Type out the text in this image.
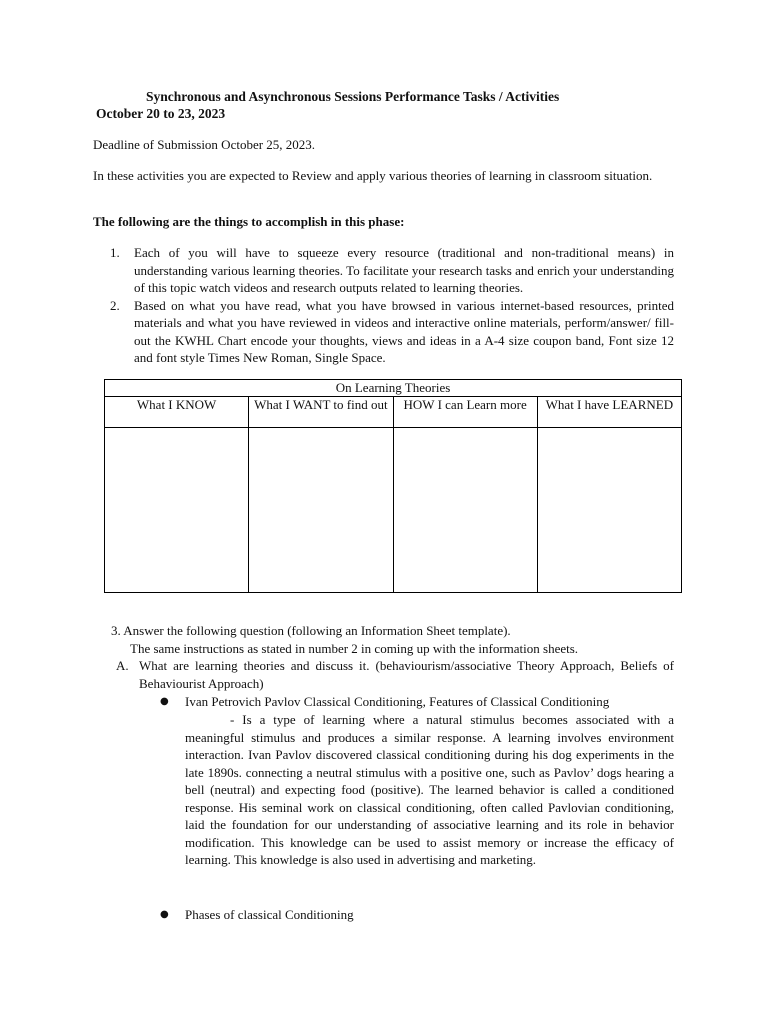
Synchronous and Asynchronous Sessions Performance Tasks / Activities
October 20 to 23, 2023
Deadline of Submission October 25, 2023.
In these activities you are expected to Review and apply various theories of learning in classroom situation.
The following are the things to accomplish in this phase:
1. Each of you will have to squeeze every resource (traditional and non-traditional means) in understanding various learning theories. To facilitate your research tasks and enrich your understanding of this topic watch videos and research outputs related to learning theories.
2. Based on what you have read, what you have browsed in various internet-based resources, printed materials and what you have reviewed in videos and interactive online materials, perform/answer/ fill-out the KWHL Chart encode your thoughts, views and ideas in a A-4 size coupon band, Font size 12 and font style Times New Roman, Single Space.
On Learning Theories			
What I KNOW	What I WANT to find out	HOW I can Learn more	What I have LEARNED

3. Answer the following question (following an Information Sheet template).
The same instructions as stated in number 2 in coming up with the information sheets.
A. What are learning theories and discuss it. (behaviourism/associative Theory Approach, Beliefs of Behaviourist Approach)
●	Ivan Petrovich Pavlov Classical Conditioning, Features of Classical Conditioning
- Is a type of learning where a natural stimulus becomes associated with a meaningful stimulus and produces a similar response. A learning involves environment interaction. Ivan Pavlov discovered classical conditioning during his dog experiments in the late 1890s. connecting a neutral stimulus with a positive one, such as Pavlov’ dogs hearing a bell (neutral) and expecting food (positive). The learned behavior is called a conditioned response. His seminal work on classical conditioning, often called Pavlovian conditioning, laid the foundation for our understanding of associative learning and its role in behavior modification. This knowledge can be used to assist memory or increase the efficacy of learning. This knowledge is also used in advertising and marketing.
●	Phases of classical Conditioning
